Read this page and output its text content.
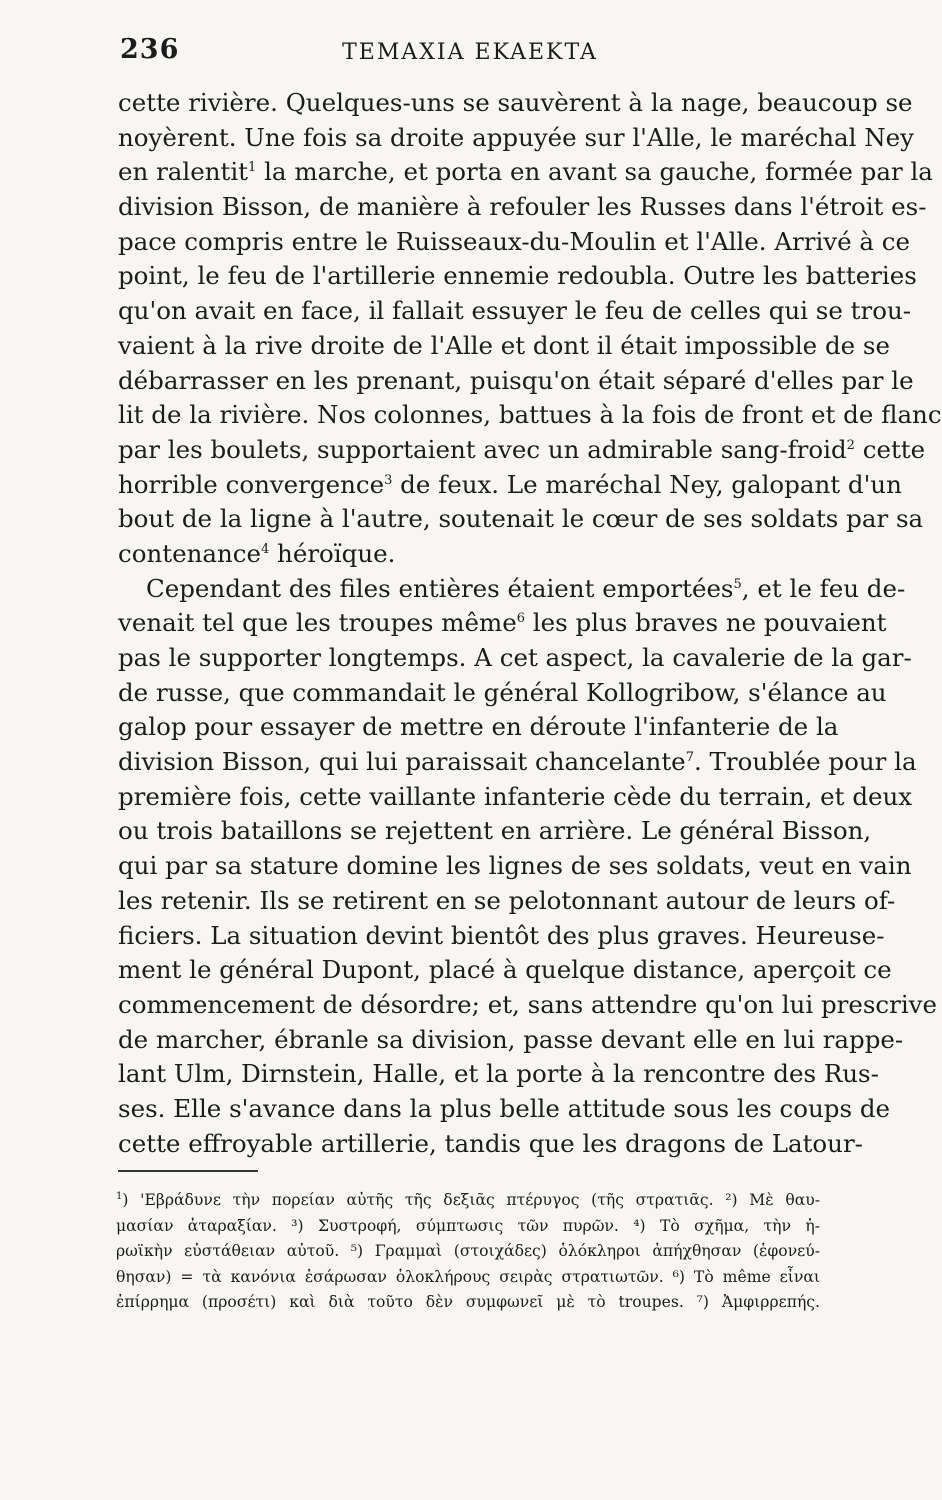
236	TEMAXIA EKAEKTA
cette rivière. Quelques-uns se sauvèrent à la nage, beaucoup se
noyèrent. Une fois sa droite appuyée sur l'Alle, le maréchal Ney
en ralentit$^1$ la marche, et porta en avant sa gauche, formée par la
division Bisson, de manière à refouler les Russes dans l'étroit es-
pace compris entre le Ruisseaux-du-Moulin et l'Alle. Arrivé à ce
point, le feu de l'artillerie ennemie redoubla. Outre les batteries
qu'on avait en face, il fallait essuyer le feu de celles qui se trou-
vaient à la rive droite de l'Alle et dont il était impossible de se
débarrasser en les prenant, puisqu'on était séparé d'elles par le
lit de la rivière. Nos colonnes, battues à la fois de front et de flanc
par les boulets, supportaient avec un admirable sang-froid$^2$ cette
horrible convergence$^3$ de feux. Le maréchal Ney, galopant d'un
bout de la ligne à l'autre, soutenait le cœur de ses soldats par sa
contenance$^4$ héroïque.
Cependant des files entières étaient emportées$^5$, et le feu de-
venait tel que les troupes même$^6$ les plus braves ne pouvaient
pas le supporter longtemps. A cet aspect, la cavalerie de la gar-
de russe, que commandait le général Kollogribow, s'élance au
galop pour essayer de mettre en déroute l'infanterie de la
division Bisson, qui lui paraissait chancelante$^7$. Troublée pour la
première fois, cette vaillante infanterie cède du terrain, et deux
ou trois bataillons se rejettent en arrière. Le général Bisson,
qui par sa stature domine les lignes de ses soldats, veut en vain
les retenir. Ils se retirent en se pelotonnant autour de leurs of-
ficiers. La situation devint bientôt des plus graves. Heureuse-
ment le général Dupont, placé à quelque distance, aperçoit ce
commencement de désordre; et, sans attendre qu'on lui prescrive
de marcher, ébranle sa division, passe devant elle en lui rappe-
lant Ulm, Dirnstein, Halle, et la porte à la rencontre des Rus-
ses. Elle s'avance dans la plus belle attitude sous les coups de
cette effroyable artillerie, tandis que les dragons de Latour-
$^1$) 'Εβράδυνε τὴν πορείαν αὐτῆς τῆς δεξιᾶς πτέρυγος (τῆς στρατιᾶς. ²) Μὲ θαυ-
μασίαν ἀταραξίαν. ³) Συστροφή, σύμπτωσις τῶν πυρῶν. ⁴) Τὸ σχῆμα, τὴν ἡ-
ρωϊκὴν εὐστάθειαν αὐτοῦ. ⁵) Γραμμαὶ (στοιχάδες) ὁλόκληροι ἀπήχθησαν (ἐφονεύ-
θησαν) = τὰ κανόνια ἐσάρωσαν ὁλοκλήρους σειρὰς στρατιωτῶν. ⁶) Τὸ même εἶναι
ἐπίρρημα (προσέτι) καὶ διὰ τοῦτο δὲν συμφωνεῖ μὲ τὸ troupes. ⁷) Ἀμφιρρεπής.
